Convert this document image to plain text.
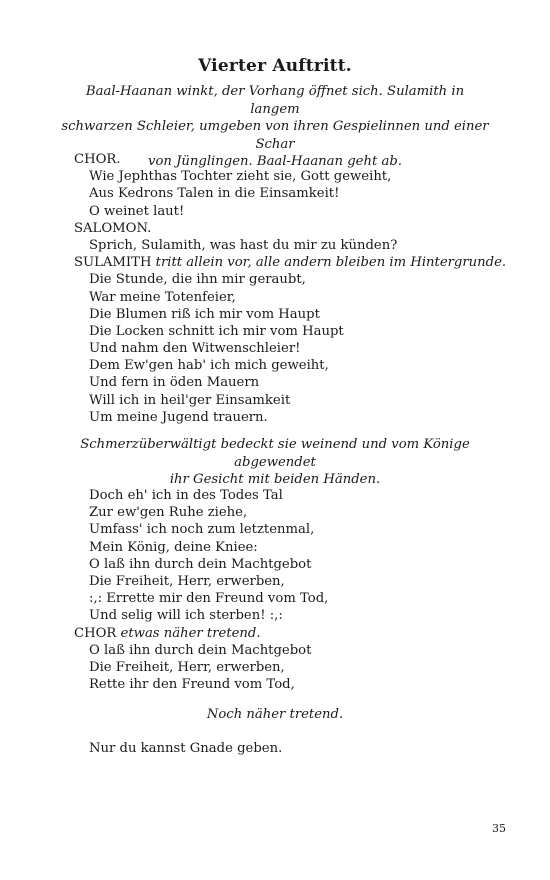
Vierter Auftritt.
Baal-Haanan winkt, der Vorhang öffnet sich. Sulamith in langem
schwarzen Schleier, umgeben von ihren Gespielinnen und einer Schar
von Jünglingen. Baal-Haanan geht ab.
CHOR.
Wie Jephthas Tochter zieht sie, Gott geweiht,
Aus Kedrons Talen in die Einsamkeit!
O weinet laut!
SALOMON.
Sprich, Sulamith, was hast du mir zu künden?
SULAMITH tritt allein vor, alle andern bleiben im Hintergrunde.
Die Stunde, die ihn mir geraubt,
War meine Totenfeier,
Die Blumen riß ich mir vom Haupt
Die Locken schnitt ich mir vom Haupt
Und nahm den Witwenschleier!
Dem Ew'gen hab' ich mich geweiht,
Und fern in öden Mauern
Will ich in heil'ger Einsamkeit
Um meine Jugend trauern.
Schmerzüberwältigt bedeckt sie weinend und vom Könige abgewendet
ihr Gesicht mit beiden Händen.
Doch eh' ich in des Todes Tal
Zur ew'gen Ruhe ziehe,
Umfass' ich noch zum letztenmal,
Mein König, deine Kniee:
O laß ihn durch dein Machtgebot
Die Freiheit, Herr, erwerben,
:,: Errette mir den Freund vom Tod,
Und selig will ich sterben! :,:
CHOR etwas näher tretend.
O laß ihn durch dein Machtgebot
Die Freiheit, Herr, erwerben,
Rette ihr den Freund vom Tod,
Noch näher tretend.
Nur du kannst Gnade geben.
35
